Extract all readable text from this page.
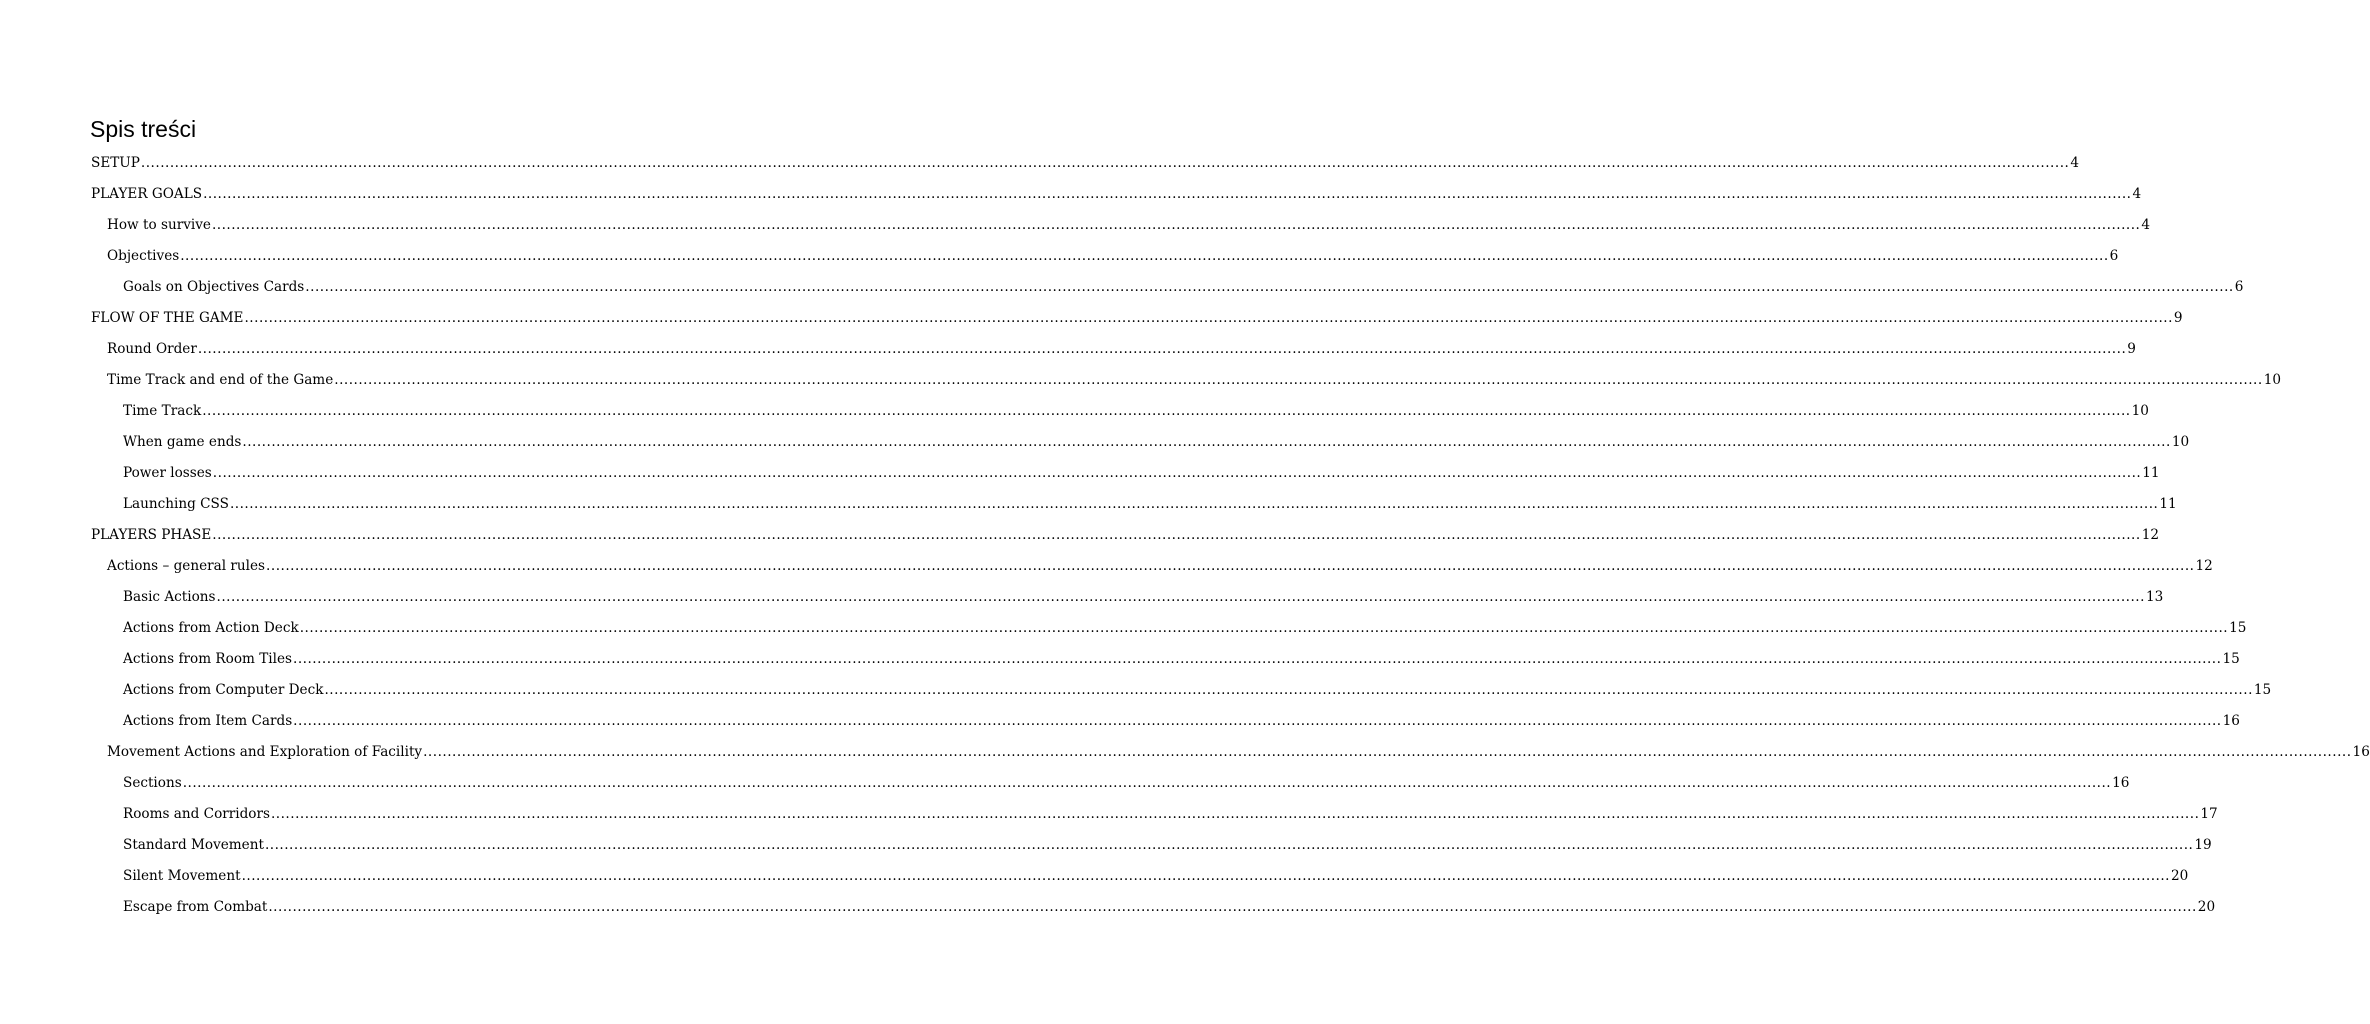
Spis treści
SETUP ................................................................................................................................................................................................................................................................................................................................................................................................................ 4
PLAYER GOALS ................................................................................................................................................................................................................................................................................................................................................................................................................ 4
How to survive ................................................................................................................................................................................................................................................................................................................................................................................................................ 4
Objectives ................................................................................................................................................................................................................................................................................................................................................................................................................ 6
Goals on Objectives Cards ................................................................................................................................................................................................................................................................................................................................................................................................................ 6
FLOW OF THE GAME ................................................................................................................................................................................................................................................................................................................................................................................................................ 9
Round Order ................................................................................................................................................................................................................................................................................................................................................................................................................ 9
Time Track and end of the Game ................................................................................................................................................................................................................................................................................................................................................................................................................ 10
Time Track ................................................................................................................................................................................................................................................................................................................................................................................................................ 10
When game ends ................................................................................................................................................................................................................................................................................................................................................................................................................ 10
Power losses ................................................................................................................................................................................................................................................................................................................................................................................................................ 11
Launching CSS ................................................................................................................................................................................................................................................................................................................................................................................................................ 11
PLAYERS PHASE ................................................................................................................................................................................................................................................................................................................................................................................................................ 12
Actions – general rules ................................................................................................................................................................................................................................................................................................................................................................................................................ 12
Basic Actions ................................................................................................................................................................................................................................................................................................................................................................................................................ 13
Actions from Action Deck ................................................................................................................................................................................................................................................................................................................................................................................................................ 15
Actions from Room Tiles ................................................................................................................................................................................................................................................................................................................................................................................................................ 15
Actions from Computer Deck ................................................................................................................................................................................................................................................................................................................................................................................................................ 15
Actions from Item Cards ................................................................................................................................................................................................................................................................................................................................................................................................................ 16
Movement Actions and Exploration of Facility ................................................................................................................................................................................................................................................................................................................................................................................................................ 16
Sections ................................................................................................................................................................................................................................................................................................................................................................................................................ 16
Rooms and Corridors ................................................................................................................................................................................................................................................................................................................................................................................................................ 17
Standard Movement ................................................................................................................................................................................................................................................................................................................................................................................................................ 19
Silent Movement ................................................................................................................................................................................................................................................................................................................................................................................................................ 20
Escape from Combat ................................................................................................................................................................................................................................................................................................................................................................................................................ 20
